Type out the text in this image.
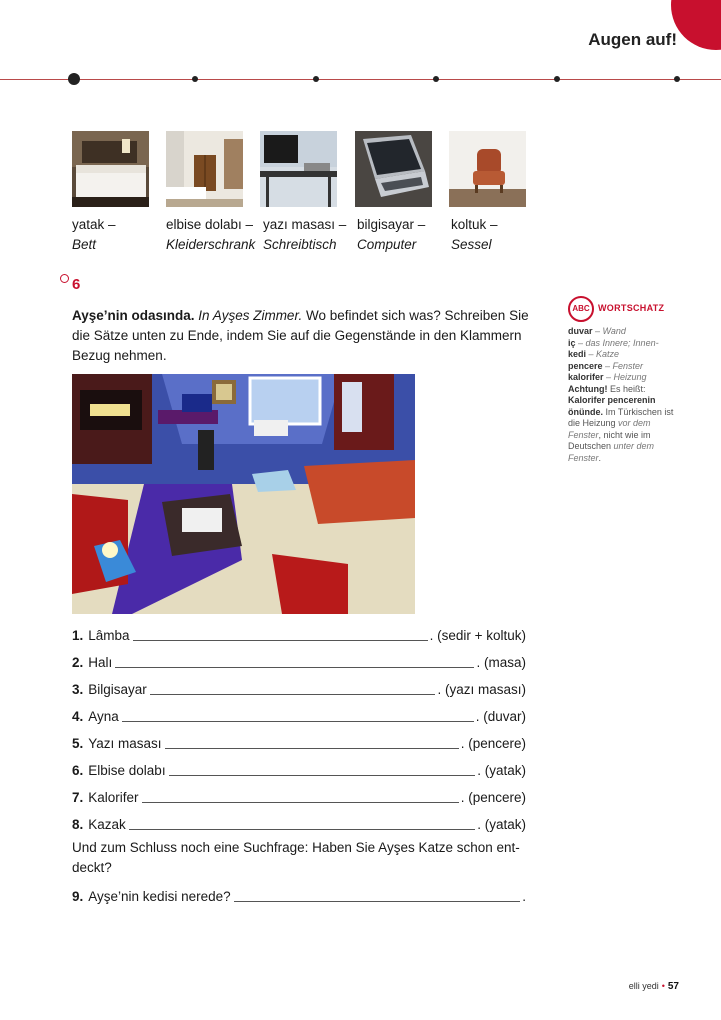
Augen auf!
yatak –
Bett
elbise dolabı –
Kleiderschrank
yazı masası –
Schreibtisch
bilgisayar –
Computer
koltuk –
Sessel
6
Ayşe’nin odasında. In Ayşes Zimmer. Wo befindet sich was? Schreiben Sie die Sätze unten zu Ende, indem Sie auf die Gegenstände in den Klammern Bezug nehmen.
1. Lâmba	. (sedir + koltuk)
2. Halı	. (masa)
3. Bilgisayar	. (yazı masası)
4. Ayna	. (duvar)
5. Yazı masası	. (pencere)
6. Elbise dolabı	. (yatak)
7. Kalorifer	. (pencere)
8. Kazak	. (yatak)
Und zum Schluss noch eine Suchfrage: Haben Sie Ayşes Katze schon ent-deckt?
9. Ayşe’nin kedisi nerede?	.
ABC WORTSCHATZ
duvar – Wand
iç – das Innere; Innen-
kedi – Katze
pencere – Fenster
kalorifer – Heizung
Achtung! Es heißt: Kalorifer pencerenin önünde. Im Türkischen ist die Heizung vor dem Fenster, nicht wie im Deutschen unter dem Fenster.
elli yedi • 57
